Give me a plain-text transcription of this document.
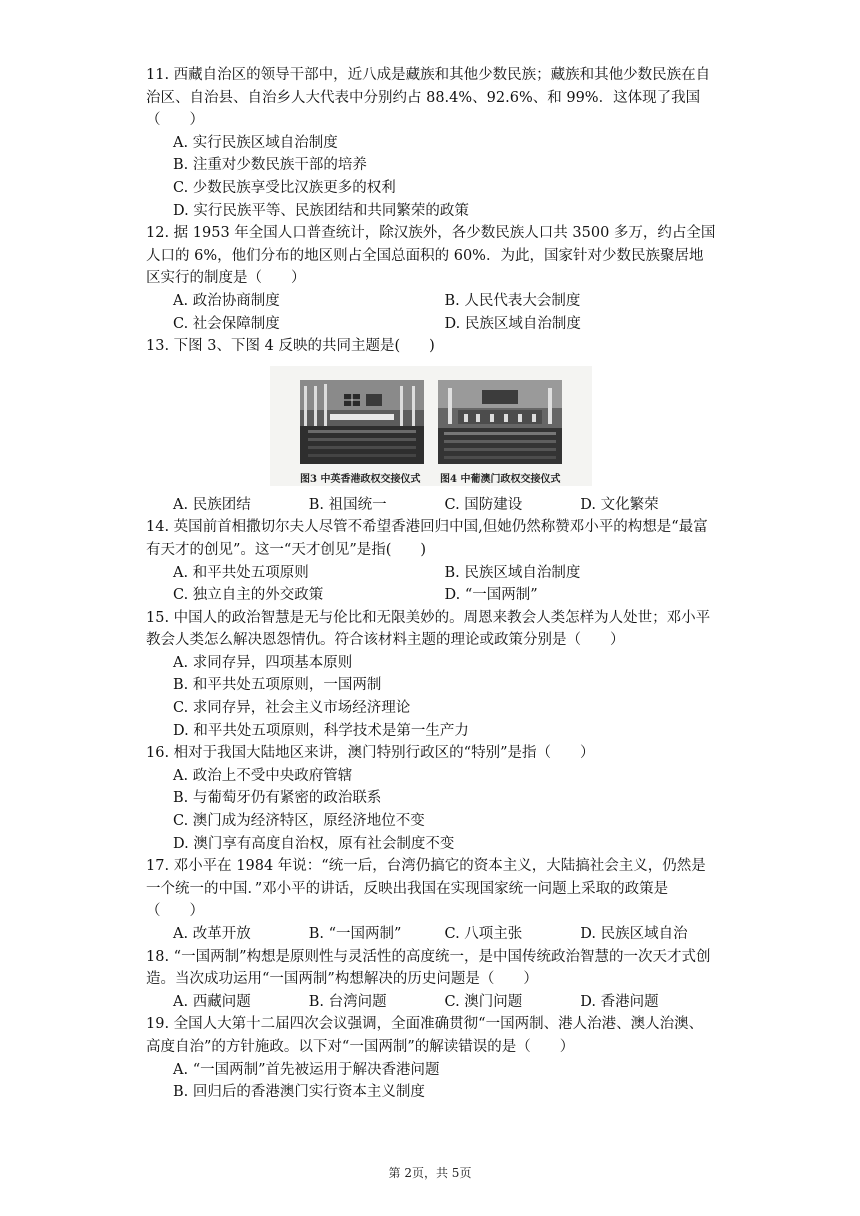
11. 西藏自治区的领导干部中，近八成是藏族和其他少数民族；藏族和其他少数民族在自治区、自治县、自治乡人大代表中分别约占 88.4%、92.6%、和 99%．这体现了我国（　　）

A. 实行民族区域自治制度

B. 注重对少数民族干部的培养

C. 少数民族享受比汉族更多的权利

D. 实行民族平等、民族团结和共同繁荣的政策

12. 据 1953 年全国人口普查统计，除汉族外，各少数民族人口共 3500 多万，约占全国人口的 6%，他们分布的地区则占全国总面积的 60%．为此，国家针对少数民族聚居地区实行的制度是（　　）

A. 政治协商制度	B. 人民代表大会制度
C. 社会保障制度	D. 民族区域自治制度

13. 下图 3、下图 4 反映的共同主题是(　　)

图3 中英香港政权交接仪式 图4 中葡澳门政权交接仪式
A. 民族团结	B. 祖国统一	C. 国防建设	D. 文化繁荣

14. 英国前首相撒切尔夫人尽管不希望香港回归中国,但她仍然称赞邓小平的构想是“最富有天才的创见”。这一“天才创见”是指(　　)

A. 和平共处五项原则	B. 民族区域自治制度
C. 独立自主的外交政策	D. “一国两制”

15. 中国人的政治智慧是无与伦比和无限美妙的。周恩来教会人类怎样为人处世；邓小平教会人类怎么解决恩怨情仇。符合该材料主题的理论或政策分别是（　　）

A. 求同存异，四项基本原则

B. 和平共处五项原则，一国两制

C. 求同存异，社会主义市场经济理论

D. 和平共处五项原则，科学技术是第一生产力

16. 相对于我国大陆地区来讲，澳门特别行政区的“特别”是指（　　）

A. 政治上不受中央政府管辖

B. 与葡萄牙仍有紧密的政治联系

C. 澳门成为经济特区，原经济地位不变

D. 澳门享有高度自治权，原有社会制度不变

17. 邓小平在 1984 年说：“统一后，台湾仍搞它的资本主义，大陆搞社会主义，仍然是一个统一的中国．”邓小平的讲话，反映出我国在实现国家统一问题上采取的政策是（　　）

A. 改革开放	B. “一国两制”	C. 八项主张	D. 民族区域自治

18. “一国两制”构想是原则性与灵活性的高度统一，是中国传统政治智慧的一次天才式创造。当次成功运用“一国两制”构想解决的历史问题是（　　）

A. 西藏问题	B. 台湾问题	C. 澳门问题	D. 香港问题

19. 全国人大第十二届四次会议强调，全面准确贯彻“一国两制、港人治港、澳人治澳、高度自治”的方针施政。以下对“一国两制”的解读错误的是（　　）

A. “一国两制”首先被运用于解决香港问题

B. 回归后的香港澳门实行资本主义制度

第 2页，共 5页
